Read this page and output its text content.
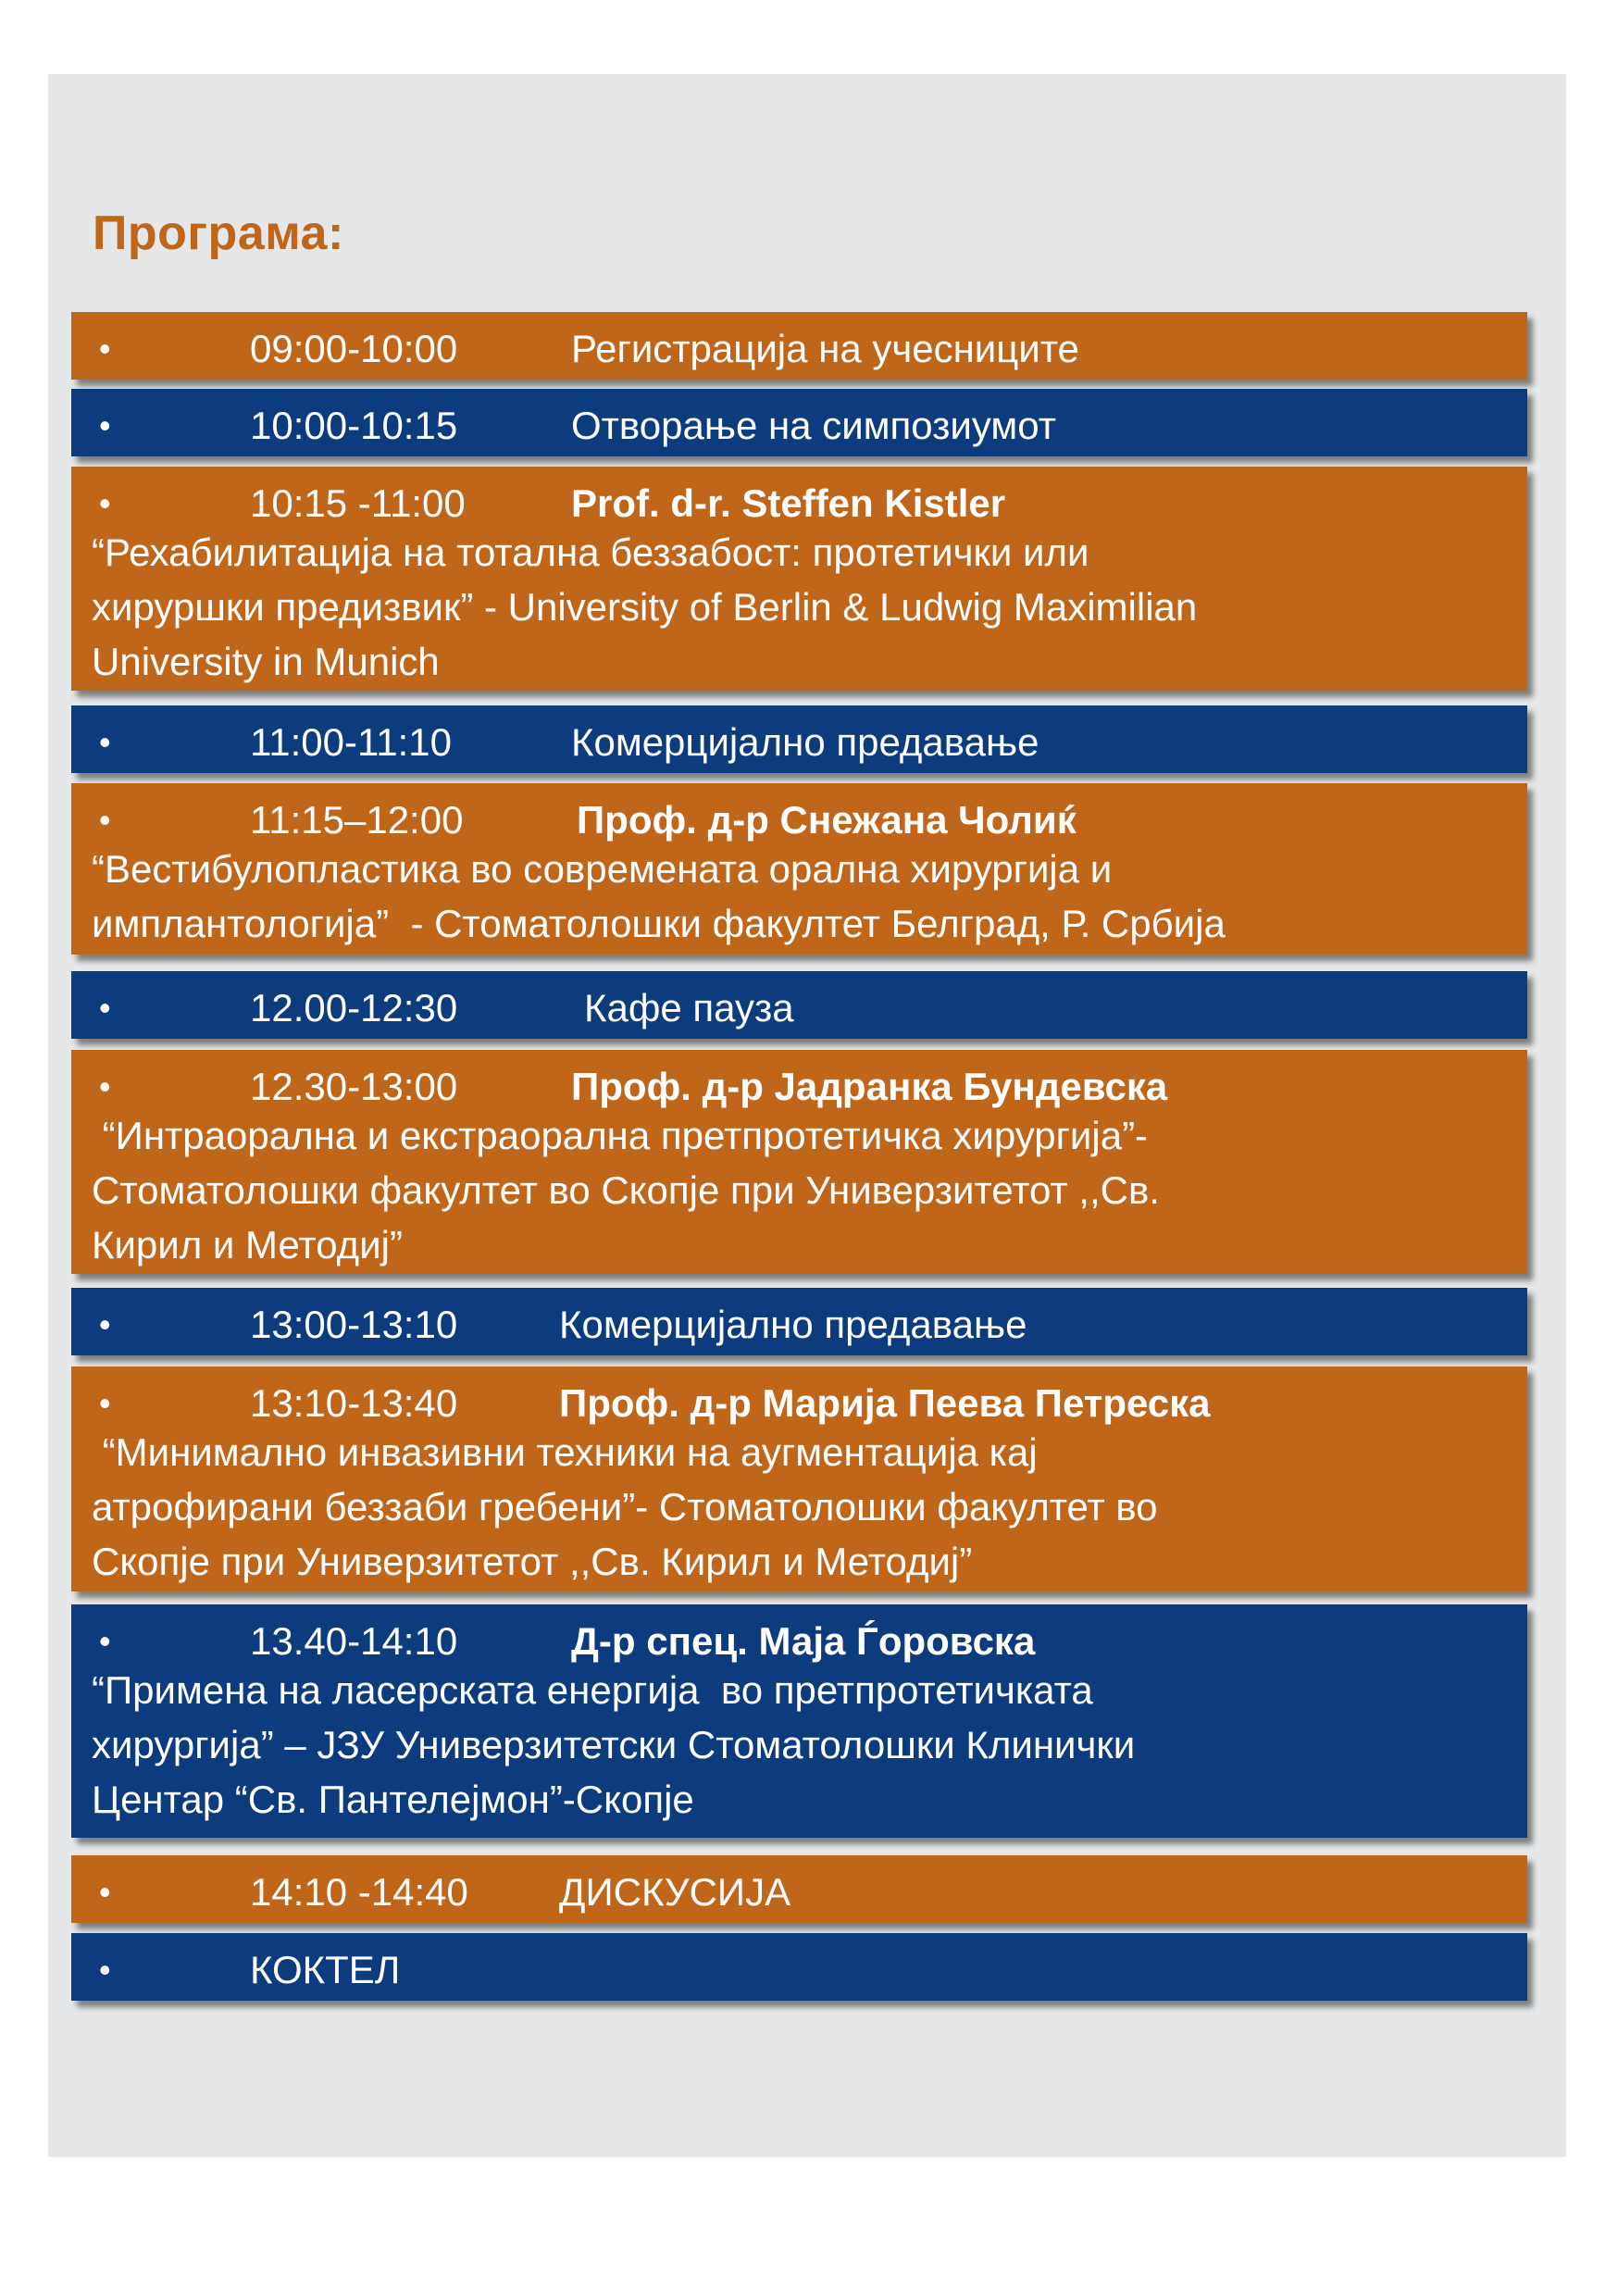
Програма:
•	09:00-10:00	Регистрација на учесниците
•	10:00-10:15	Отворање на симпозиумот
•	10:15 -11:00	Prof. d-r. Steffen Kistler
“Рехабилитација на тотална беззабост: протетички или
хируршки предизвик” - University of Berlin & Ludwig Maximilian
University in Munich
•	11:00-11:10	Комерцијално предавање
•	11:15–12:00	Проф. д-р Снежана Чолиќ
“Вестибулопластика во современата орална хирургија и
имплантологија”  - Стоматолошки факултет Белград, Р. Србија
•	12.00-12:30	Кафе пауза
•	12.30-13:00	Проф. д-р Јадранка Бундевска
“Интраорална и екстраорална претпротетичка хирургија”-
Стоматолошки факултет во Скопје при Универзитетот ,,Св.
Кирил и Методиј”
•	13:00-13:10	Комерцијално предавање
•	13:10-13:40	Проф. д-р Марија Пеева Петреска
“Минимално инвазивни техники на аугментација кај
атрофирани беззаби гребени”- Стоматолошки факултет во
Скопје при Универзитетот ,,Св. Кирил и Методиј”
•	13.40-14:10	Д-р спец. Маја Ѓоровска
“Примена на ласерската енергија  во претпротетичката
хирургија” – ЈЗУ Универзитетски Стоматолошки Клинички
Центар “Св. Пантелејмон”-Скопје
•	14:10 -14:40 ДИСКУСИЈА
•	КОКТЕЛ
